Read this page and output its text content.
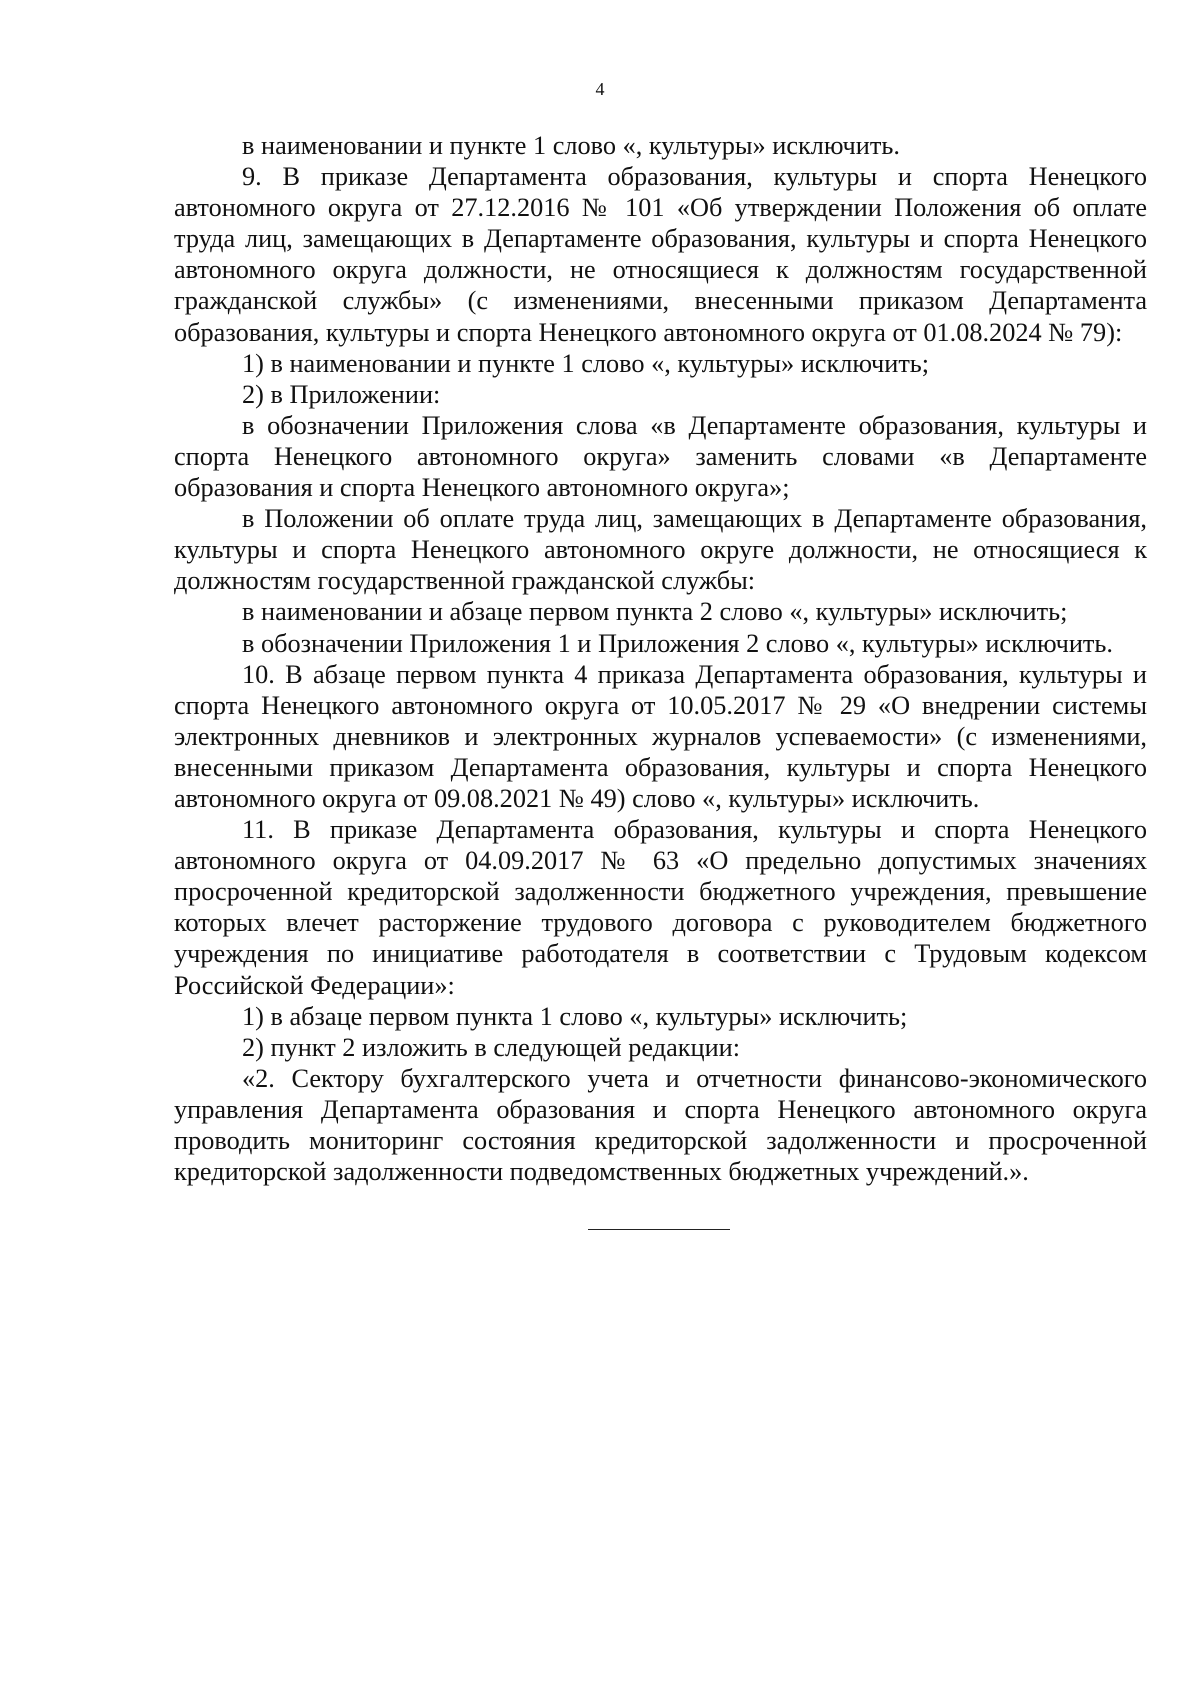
4

в наименовании и пункте 1 слово «, культуры» исключить.

9. В приказе Департамента образования, культуры и спорта Ненецкого автономного округа от 27.12.2016 № 101 «Об утверждении Положения об оплате труда лиц, замещающих в Департаменте образования, культуры и спорта Ненецкого автономного округа должности, не относящиеся к должностям государственной гражданской службы» (с изменениями, внесенными приказом Департамента образования, культуры и спорта Ненецкого автономного округа от 01.08.2024 № 79):

1) в наименовании и пункте 1 слово «, культуры» исключить;

2) в Приложении:

в обозначении Приложения слова «в Департаменте образования, культуры и спорта Ненецкого автономного округа» заменить словами «в Департаменте образования и спорта Ненецкого автономного округа»;

в Положении об оплате труда лиц, замещающих в Департаменте образования, культуры и спорта Ненецкого автономного округе должности, не относящиеся к должностям государственной гражданской службы:

в наименовании и абзаце первом пункта 2 слово «, культуры» исключить;

в обозначении Приложения 1 и Приложения 2 слово «, культуры» исключить.

10. В абзаце первом пункта 4 приказа Департамента образования, культуры и спорта Ненецкого автономного округа от 10.05.2017 № 29 «О внедрении системы электронных дневников и электронных журналов успеваемости» (с изменениями, внесенными приказом Департамента образования, культуры и спорта Ненецкого автономного округа от 09.08.2021 № 49) слово «, культуры» исключить.

11. В приказе Департамента образования, культуры и спорта Ненецкого автономного округа от 04.09.2017 № 63 «О предельно допустимых значениях просроченной кредиторской задолженности бюджетного учреждения, превышение которых влечет расторжение трудового договора с руководителем бюджетного учреждения по инициативе работодателя в соответствии с Трудовым кодексом Российской Федерации»:

1) в абзаце первом пункта 1 слово «, культуры» исключить;

2) пункт 2 изложить в следующей редакции:

«2. Сектору бухгалтерского учета и отчетности финансово-экономического управления Департамента образования и спорта Ненецкого автономного округа проводить мониторинг состояния кредиторской задолженности и просроченной кредиторской задолженности подведомственных бюджетных учреждений.».
